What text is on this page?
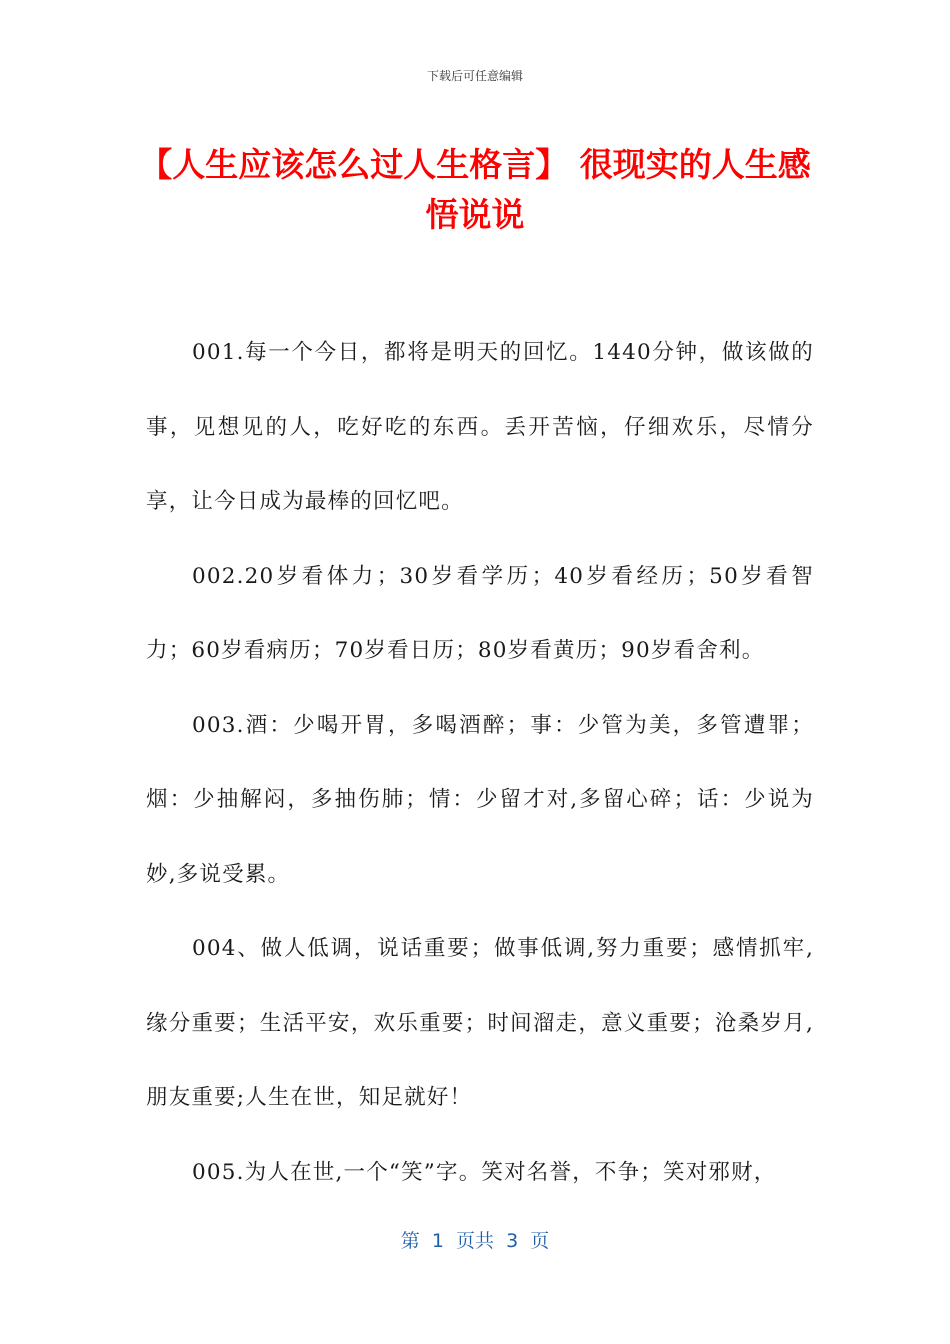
下载后可任意编辑
【人生应该怎么过人生格言】 很现实的人生感悟说说

001.每一个今日，都将是明天的回忆。1440分钟，做该做的事，见想见的人，吃好吃的东西。丢开苦恼，仔细欢乐，尽情分享，让今日成为最棒的回忆吧。

002.20岁看体力；30岁看学历；40岁看经历；50岁看智力；60岁看病历；70岁看日历；80岁看黄历；90岁看舍利。

003.酒：少喝开胃，多喝酒醉；事：少管为美，多管遭罪；烟：少抽解闷，多抽伤肺；情：少留才对,多留心碎；话：少说为妙,多说受累。

004、做人低调，说话重要；做事低调,努力重要；感情抓牢,缘分重要；生活平安，欢乐重要；时间溜走，意义重要；沧桑岁月,朋友重要;人生在世，知足就好！

005.为人在世,一个“笑”字。笑对名誉，不争；笑对邪财，

第  1  页共  3  页
